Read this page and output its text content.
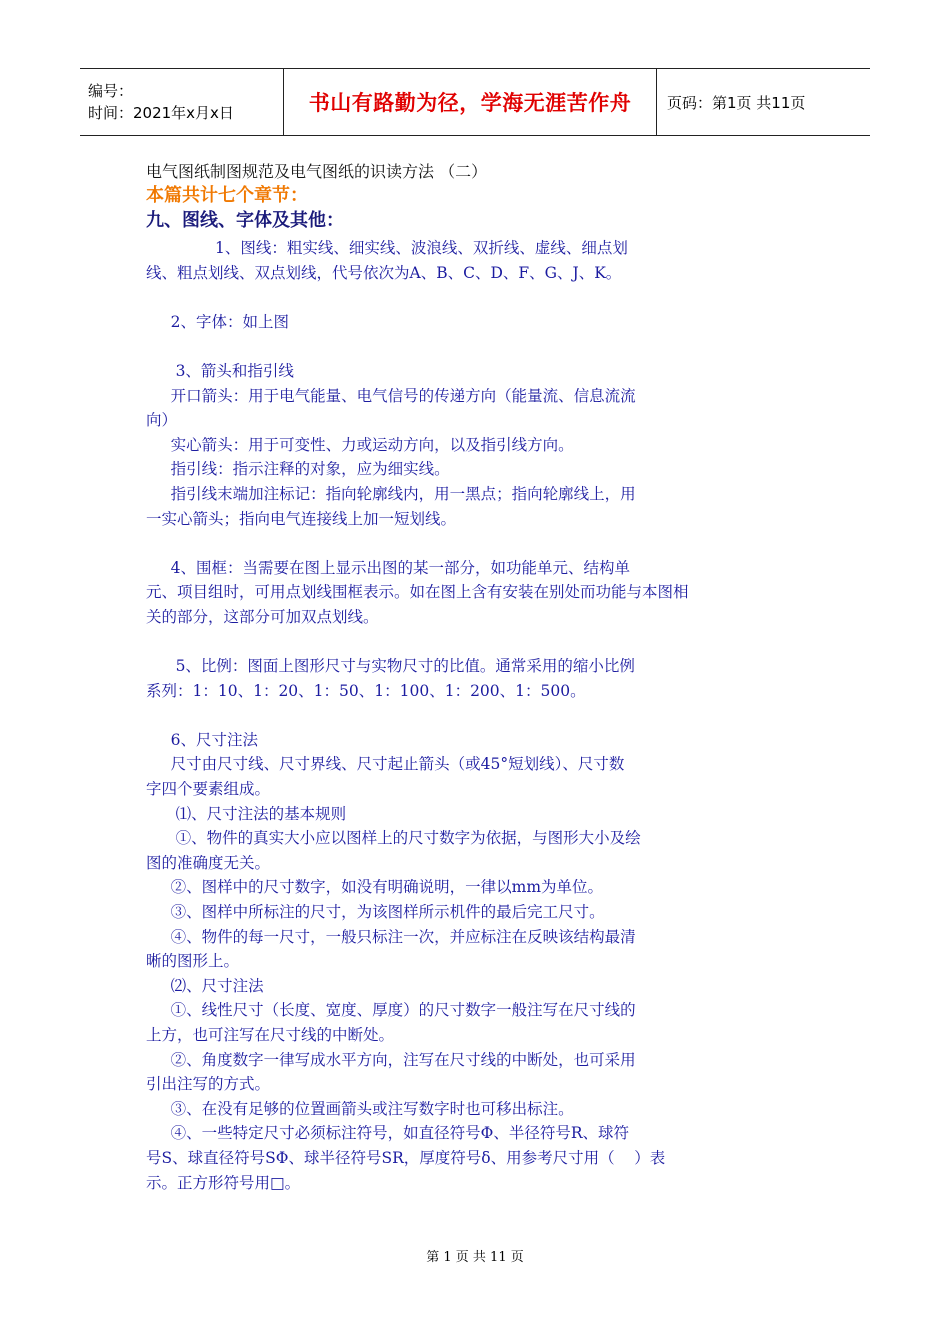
编号：
时间：2021年x月x日	书山有路勤为径，学海无涯苦作舟 页码：第1页 共11页
电气图纸制图规范及电气图纸的识读方法 （二）
本篇共计七个章节：
九、图线、字体及其他：
1、图线：粗实线、细实线、波浪线、双折线、虚线、细点划
线、粗点划线、双点划线，代号依次为A、B、C、D、F、G、J、K。
2、字体：如上图
3、箭头和指引线
开口箭头：用于电气能量、电气信号的传递方向（能量流、信息流流
向）
实心箭头：用于可变性、力或运动方向，以及指引线方向。
指引线：指示注释的对象，应为细实线。
指引线末端加注标记：指向轮廓线内，用一黑点；指向轮廓线上，用
一实心箭头；指向电气连接线上加一短划线。
4、围框：当需要在图上显示出图的某一部分，如功能单元、结构单
元、项目组时，可用点划线围框表示。如在图上含有安装在别处而功能与本图相
关的部分，这部分可加双点划线。
5、比例：图面上图形尺寸与实物尺寸的比值。通常采用的缩小比例
系列：1：10、1：20、1：50、1：100、1：200、1：500。
6、尺寸注法
尺寸由尺寸线、尺寸界线、尺寸起止箭头（或45°短划线）、尺寸数
字四个要素组成。
⑴、尺寸注法的基本规则
①、物件的真实大小应以图样上的尺寸数字为依据，与图形大小及绘
图的准确度无关。
②、图样中的尺寸数字，如没有明确说明，一律以mm为单位。
③、图样中所标注的尺寸，为该图样所示机件的最后完工尺寸。
④、物件的每一尺寸，一般只标注一次，并应标注在反映该结构最清
晰的图形上。
⑵、尺寸注法
①、线性尺寸（长度、宽度、厚度）的尺寸数字一般注写在尺寸线的
上方，也可注写在尺寸线的中断处。
②、角度数字一律写成水平方向，注写在尺寸线的中断处，也可采用
引出注写的方式。
③、在没有足够的位置画箭头或注写数字时也可移出标注。
④、一些特定尺寸必须标注符号，如直径符号Φ、半径符号R、球符
号S、球直径符号SΦ、球半径符号SR，厚度符号δ、用参考尺寸用（    ）表
示。正方形符号用□。
第 1 页 共 11 页
